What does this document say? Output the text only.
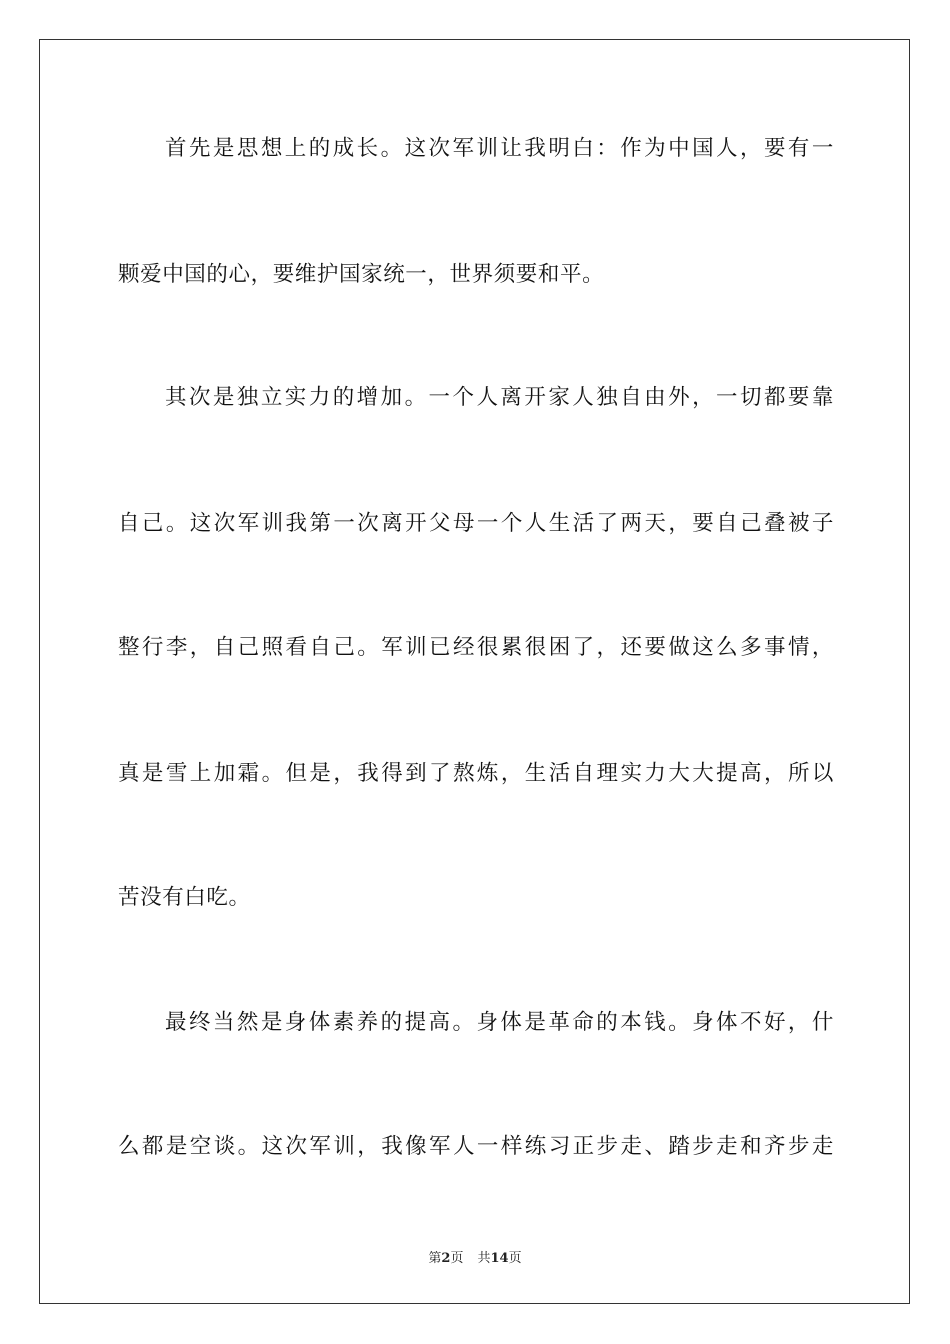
首先是思想上的成长。这次军训让我明白：作为中国人，要有一
颗爱中国的心，要维护国家统一，世界须要和平。
其次是独立实力的增加。一个人离开家人独自由外，一切都要靠
自己。这次军训我第一次离开父母一个人生活了两天，要自己叠被子
整行李，自己照看自己。军训已经很累很困了，还要做这么多事情，
真是雪上加霜。但是，我得到了熬炼，生活自理实力大大提高，所以
苦没有白吃。
最终当然是身体素养的提高。身体是革命的本钱。身体不好，什
么都是空谈。这次军训，我像军人一样练习正步走、踏步走和齐步走
第2页 共14页
